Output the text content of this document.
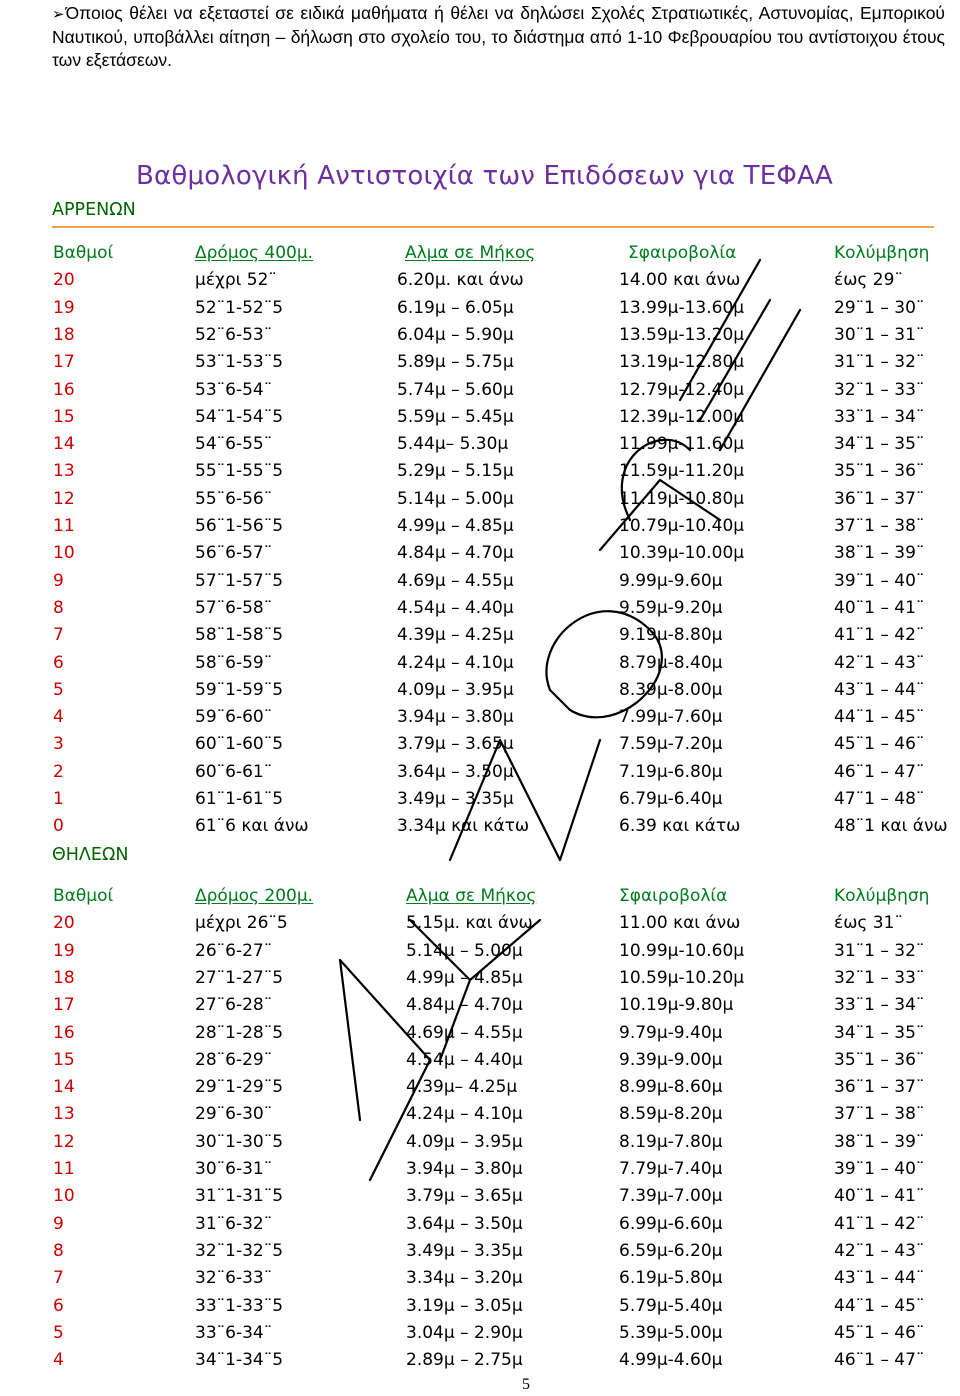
➢Όποιος θέλει να εξεταστεί σε ειδικά μαθήματα ή θέλει να δηλώσει Σχολές Στρατιωτικές, Αστυνομίας, Εμπορικού Ναυτικού, υποβάλλει αίτηση – δήλωση στο σχολείο του, το διάστημα από 1-10 Φεβρουαρίου του αντίστοιχου έτους των εξετάσεων.
ΑΡΡΕΝΩΝ
Βαθμολογική Αντιστοιχία των Επιδόσεων για ΤΕΦΑΑ
Βαθμοί	Δρόμος 400μ.	Αλμα σε Μήκος	Σφαιροβολία	Κολύμβηση
20	μέχρι 52¨	6.20μ. και άνω	14.00 και άνω	έως 29¨
19	52¨1-52¨5	6.19μ – 6.05μ	13.99μ-13.60μ	29¨1 – 30¨
18	52¨6-53¨	6.04μ – 5.90μ	13.59μ-13.20μ	30¨1 – 31¨
17	53¨1-53¨5	5.89μ – 5.75μ	13.19μ-12.80μ	31¨1 – 32¨
16	53¨6-54¨	5.74μ – 5.60μ	12.79μ-12.40μ	32¨1 – 33¨
15	54¨1-54¨5	5.59μ – 5.45μ	12.39μ-12.00μ	33¨1 – 34¨
14	54¨6-55¨	5.44μ– 5.30μ	11.99μ-11.60μ	34¨1 – 35¨
13	55¨1-55¨5	5.29μ – 5.15μ	11.59μ-11.20μ	35¨1 – 36¨
12	55¨6-56¨	5.14μ – 5.00μ	11.19μ-10.80μ	36¨1 – 37¨
11	56¨1-56¨5	4.99μ – 4.85μ	10.79μ-10.40μ	37¨1 – 38¨
10	56¨6-57¨	4.84μ – 4.70μ	10.39μ-10.00μ	38¨1 – 39¨
9	57¨1-57¨5	4.69μ – 4.55μ	9.99μ-9.60μ	39¨1 – 40¨
8	57¨6-58¨	4.54μ – 4.40μ	9.59μ-9.20μ	40¨1 – 41¨
7	58¨1-58¨5	4.39μ – 4.25μ	9.19μ-8.80μ	41¨1 – 42¨
6	58¨6-59¨	4.24μ – 4.10μ	8.79μ-8.40μ	42¨1 – 43¨
5	59¨1-59¨5	4.09μ – 3.95μ	8.39μ-8.00μ	43¨1 – 44¨
4	59¨6-60¨	3.94μ – 3.80μ	7.99μ-7.60μ	44¨1 – 45¨
3	60¨1-60¨5	3.79μ – 3.65μ	7.59μ-7.20μ	45¨1 – 46¨
2	60¨6-61¨	3.64μ – 3.50μ	7.19μ-6.80μ	46¨1 – 47¨
1	61¨1-61¨5	3.49μ – 3.35μ	6.79μ-6.40μ	47¨1 – 48¨
0	61¨6 και άνω	3.34μ και κάτω	6.39 και κάτω	48¨1 και άνω
ΘΗΛΕΩΝ
Βαθμοί	Δρόμος 200μ.	Αλμα σε Μήκος	Σφαιροβολία	Κολύμβηση
20	μέχρι 26¨5	5.15μ. και άνω	11.00 και άνω	έως 31¨
19	26¨6-27¨	5.14μ – 5.00μ	10.99μ-10.60μ	31¨1 – 32¨
18	27¨1-27¨5	4.99μ – 4.85μ	10.59μ-10.20μ	32¨1 – 33¨
17	27¨6-28¨	4.84μ – 4.70μ	10.19μ-9.80μ	33¨1 – 34¨
16	28¨1-28¨5	4.69μ – 4.55μ	9.79μ-9.40μ	34¨1 – 35¨
15	28¨6-29¨	4.54μ – 4.40μ	9.39μ-9.00μ	35¨1 – 36¨
14	29¨1-29¨5	4.39μ– 4.25μ	8.99μ-8.60μ	36¨1 – 37¨
13	29¨6-30¨	4.24μ – 4.10μ	8.59μ-8.20μ	37¨1 – 38¨
12	30¨1-30¨5	4.09μ – 3.95μ	8.19μ-7.80μ	38¨1 – 39¨
11	30¨6-31¨	3.94μ – 3.80μ	7.79μ-7.40μ	39¨1 – 40¨
10	31¨1-31¨5	3.79μ – 3.65μ	7.39μ-7.00μ	40¨1 – 41¨
9	31¨6-32¨	3.64μ – 3.50μ	6.99μ-6.60μ	41¨1 – 42¨
8	32¨1-32¨5	3.49μ – 3.35μ	6.59μ-6.20μ	42¨1 – 43¨
7	32¨6-33¨	3.34μ – 3.20μ	6.19μ-5.80μ	43¨1 – 44¨
6	33¨1-33¨5	3.19μ – 3.05μ	5.79μ-5.40μ	44¨1 – 45¨
5	33¨6-34¨	3.04μ – 2.90μ	5.39μ-5.00μ	45¨1 – 46¨
4	34¨1-34¨5	2.89μ – 2.75μ	4.99μ-4.60μ	46¨1 – 47¨
5
